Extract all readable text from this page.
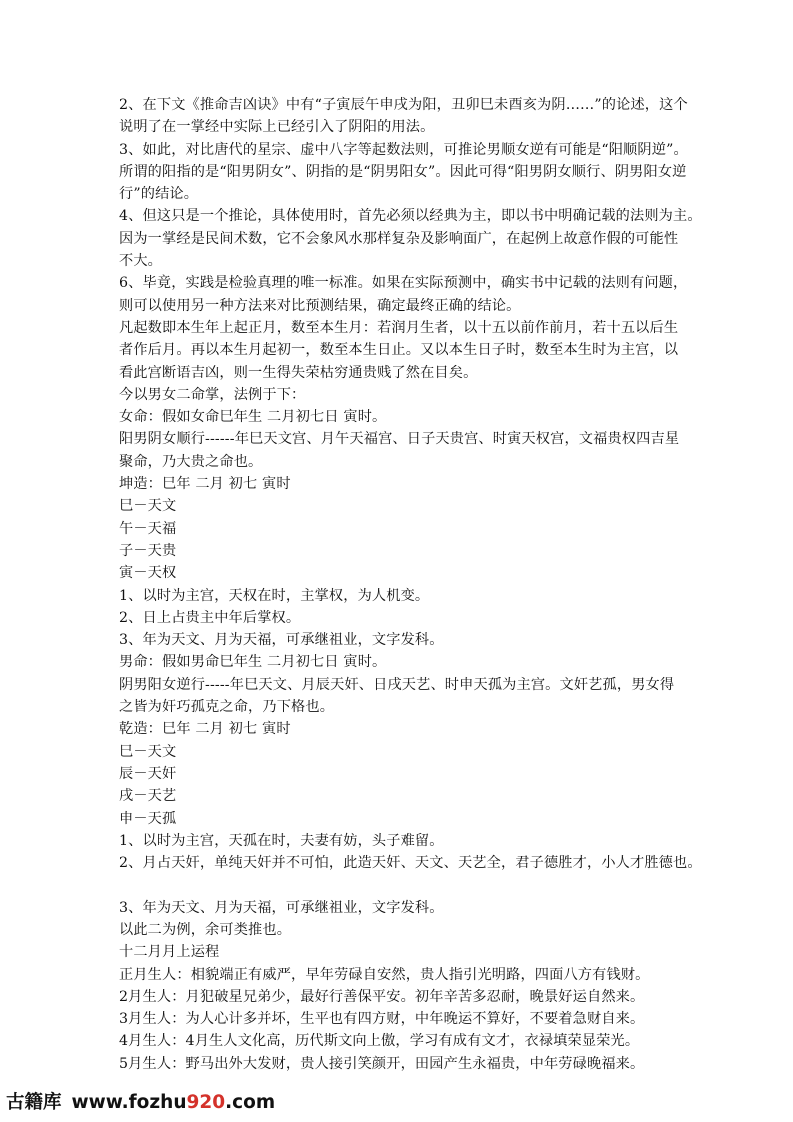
2、在下文《推命吉凶诀》中有“子寅辰午申戌为阳，丑卯巳未酉亥为阴……”的论述，这个
说明了在一掌经中实际上已经引入了阴阳的用法。
3、如此，对比唐代的星宗、虚中八字等起数法则，可推论男顺女逆有可能是“阳顺阴逆”。
所谓的阳指的是“阳男阴女”、阴指的是“阴男阳女”。因此可得“阳男阴女顺行、阴男阳女逆
行”的结论。
4、但这只是一个推论，具体使用时，首先必须以经典为主，即以书中明确记载的法则为主。
因为一掌经是民间术数，它不会象风水那样复杂及影响面广，在起例上故意作假的可能性
不大。
6、毕竟，实践是检验真理的唯一标准。如果在实际预测中，确实书中记载的法则有问题，
则可以使用另一种方法来对比预测结果，确定最终正确的结论。
凡起数即本生年上起正月，数至本生月：若润月生者，以十五以前作前月，若十五以后生
者作后月。再以本生月起初一，数至本生日止。又以本生日子时，数至本生时为主宫，以
看此宫断语吉凶，则一生得失荣枯穷通贵贱了然在目矣。
今以男女二命掌，法例于下：
女命：假如女命巳年生 二月初七日 寅时。
阳男阴女顺行------年巳天文宫、月午天福宫、日子天贵宫、时寅天权宫，文福贵权四吉星
聚命，乃大贵之命也。
坤造：巳年 二月 初七 寅时
巳－天文
午－天福
子－天贵
寅－天权
1、以时为主宫，天权在时，主掌权，为人机变。
2、日上占贵主中年后掌权。
3、年为天文、月为天福，可承继祖业，文字发科。
男命：假如男命巳年生 二月初七日 寅时。
阴男阳女逆行-----年巳天文、月辰天奸、日戌天艺、时申天孤为主宫。文奸艺孤，男女得
之皆为奸巧孤克之命，乃下格也。
乾造：巳年 二月 初七 寅时
巳－天文
辰－天奸
戌－天艺
申－天孤
1、以时为主宫，天孤在时，夫妻有妨，头子难留。
2、月占天奸，单纯天奸并不可怕，此造天奸、天文、天艺全，君子德胜才，小人才胜德也。
3、年为天文、月为天福，可承继祖业，文字发科。
以此二为例，余可类推也。
十二月月上运程
正月生人：相貌端正有威严，早年劳碌自安然，贵人指引光明路，四面八方有钱财。
2月生人：月犯破星兄弟少，最好行善保平安。初年辛苦多忍耐，晚景好运自然来。
3月生人：为人心计多并坏，生平也有四方财，中年晚运不算好，不要着急财自来。
4月生人：4月生人文化高，历代斯文向上傲，学习有成有文才，衣禄填荣显荣光。
5月生人：野马出外大发财，贵人接引笑颜开，田园产生永福贵，中年劳碌晚福来。
古籍库 www.fozhu920.com
